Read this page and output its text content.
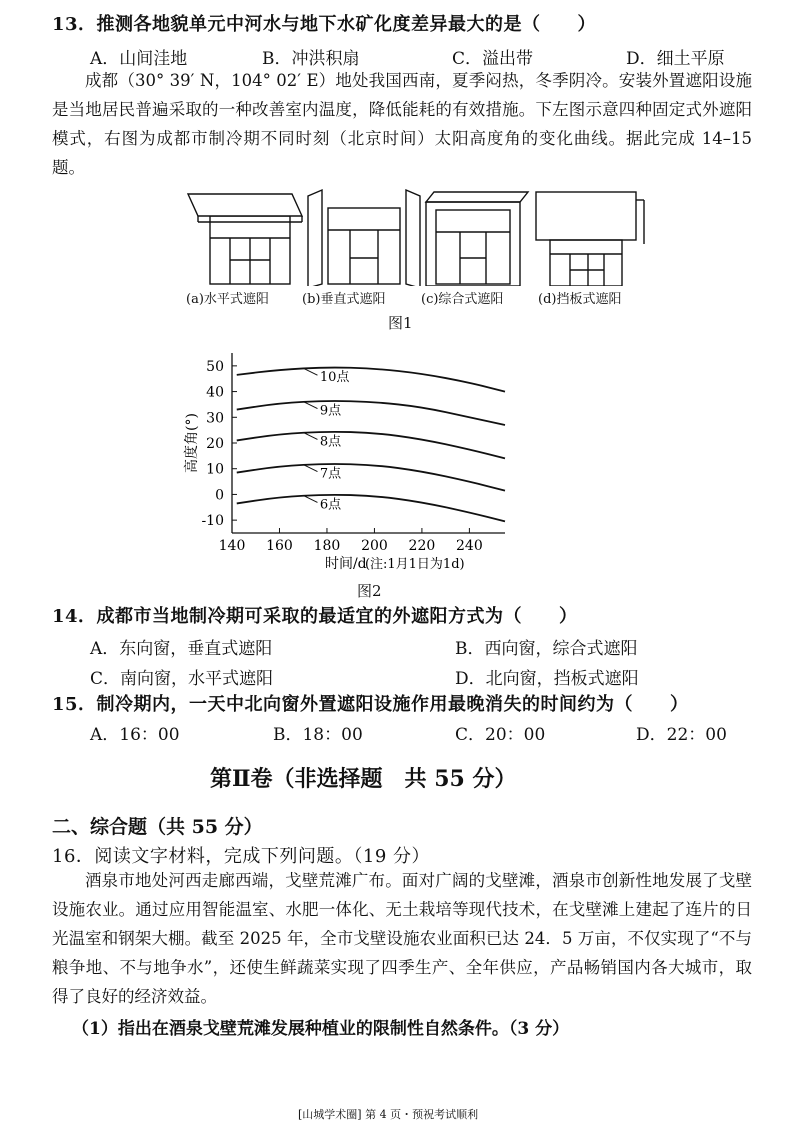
13．推测各地貌单元中河水与地下水矿化度差异最大的是（　　）
A．山间洼地	B．冲洪积扇	C．溢出带	D．细土平原

成都（30° 39′ N，104° 02′ E）地处我国西南，夏季闷热，冬季阴冷。安装外置遮阳设施是当地居民普遍采取的一种改善室内温度，降低能耗的有效措施。下左图示意四种固定式外遮阳模式，右图为成都市制冷期不同时刻（北京时间）太阳高度角的变化曲线。据此完成 14–15 题。

(a)水平式遮阳	(b)垂直式遮阳	(c)综合式遮阳	(d)挡板式遮阳
图1
-10
0
10
20
30
40
50
140 160 180 200 220 240
高度角(°)
时间/d
(注:1月1日为1d)
10点
9点
8点
7点
6点
图2
14．成都市当地制冷期可采取的最适宜的外遮阳方式为（　　）
A．东向窗，垂直式遮阳	B．西向窗，综合式遮阳
C．南向窗，水平式遮阳	D．北向窗，挡板式遮阳
15．制冷期内，一天中北向窗外置遮阳设施作用最晚消失的时间约为（　　）
A．16：00	B．18：00	C．20：00	D．22：00
第Ⅱ卷（非选择题　共 55 分）
二、综合题（共 55 分）
16．阅读文字材料，完成下列问题。（19 分）

酒泉市地处河西走廊西端，戈壁荒滩广布。面对广阔的戈壁滩，酒泉市创新性地发展了戈壁设施农业。通过应用智能温室、水肥一体化、无土栽培等现代技术，在戈壁滩上建起了连片的日光温室和钢架大棚。截至 2025 年，全市戈壁设施农业面积已达 24．5 万亩，不仅实现了“不与粮争地、不与地争水”，还使生鲜蔬菜实现了四季生产、全年供应，产品畅销国内各大城市，取得了良好的经济效益。

（1）指出在酒泉戈壁荒滩发展种植业的限制性自然条件。（3 分）
[山城学术圈] 第 4 页・预祝考试顺利
